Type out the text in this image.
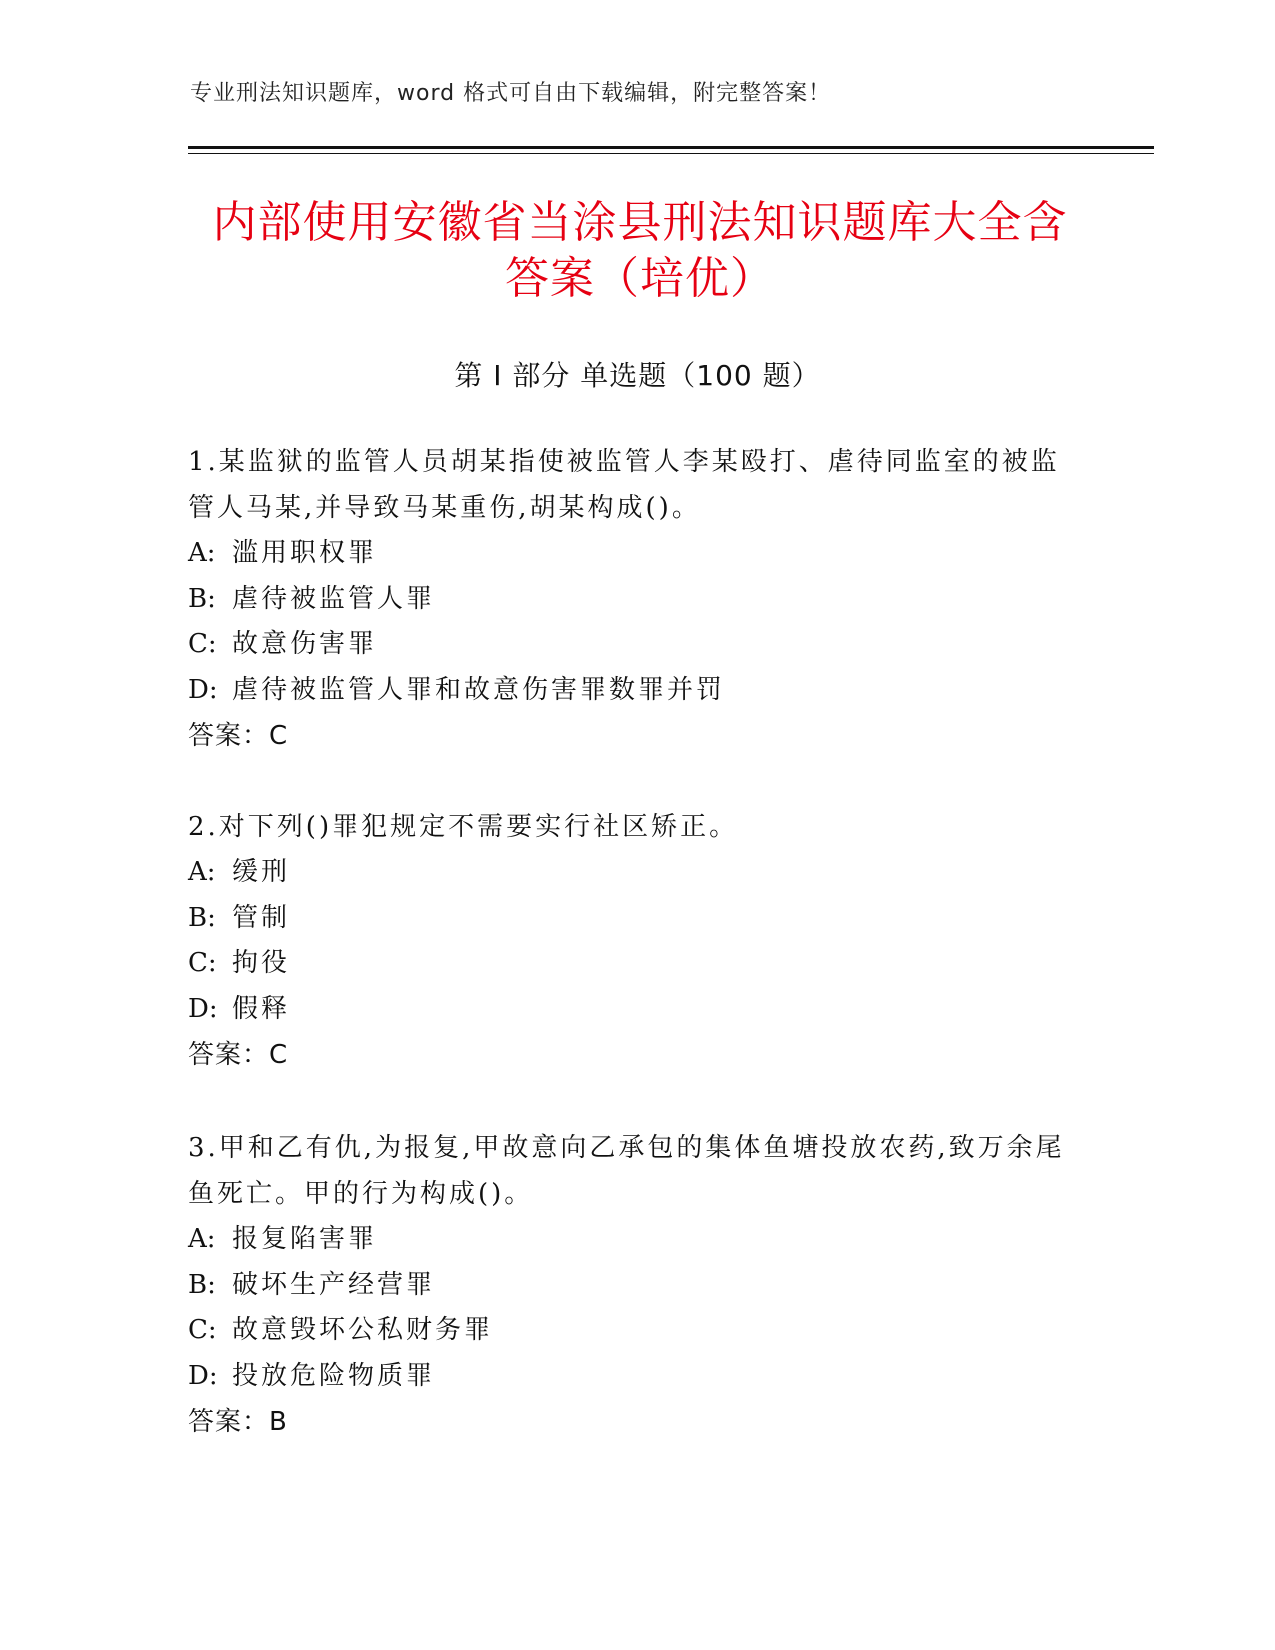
专业刑法知识题库，word 格式可自由下载编辑，附完整答案！
内部使用安徽省当涂县刑法知识题库大全含
答案（培优）
第 I 部分 单选题（100 题）

1.某监狱的监管人员胡某指使被监管人李某殴打、虐待同监室的被监

管人马某,并导致马某重伤,胡某构成()。

A: 滥用职权罪

B: 虐待被监管人罪

C: 故意伤害罪

D: 虐待被监管人罪和故意伤害罪数罪并罚

答案：C

2.对下列()罪犯规定不需要实行社区矫正。

A: 缓刑

B: 管制

C: 拘役

D: 假释

答案：C

3.甲和乙有仇,为报复,甲故意向乙承包的集体鱼塘投放农药,致万余尾

鱼死亡。甲的行为构成()。

A: 报复陷害罪

B: 破坏生产经营罪

C: 故意毁坏公私财务罪

D: 投放危险物质罪

答案：B
